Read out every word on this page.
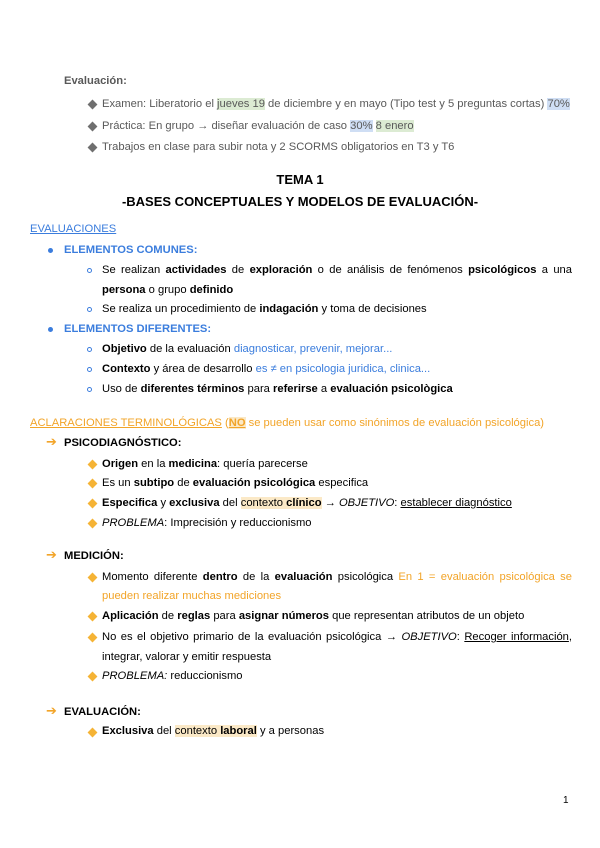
Evaluación:
Examen: Liberatorio el jueves 19 de diciembre y en mayo (Tipo test y 5 preguntas cortas) 70%
Práctica: En grupo → diseñar evaluación de caso 30% 8 enero
Trabajos en clase para subir nota y 2 SCORMS obligatorios en T3 y T6
TEMA 1
-BASES CONCEPTUALES Y MODELOS DE EVALUACIÓN-
EVALUACIONES
ELEMENTOS COMUNES:
Se realizan actividades de exploración o de análisis de fenómenos psicológicos a una
persona o grupo definido
Se realiza un procedimiento de indagación y toma de decisiones
ELEMENTOS DIFERENTES:
Objetivo de la evaluación diagnosticar, prevenir, mejorar...
Contexto y área de desarrollo es ≠ en psicologia juridica, clinica...
Uso de diferentes términos para referirse a evaluación psicològica
ACLARACIONES TERMINOLÓGICAS (NO se pueden usar como sinónimos de evaluación psicológica)
➔ PSICODIAGNÓSTICO:
Origen en la medicina: quería parecerse
Es un subtipo de evaluación psicológica especifica
Especifica y exclusiva del contexto clínico → OBJETIVO: establecer diagnóstico
PROBLEMA: Imprecisión y reduccionismo
➔ MEDICIÓN:
Momento diferente dentro de la evaluación psicológica En 1 = evaluación psicológica se
pueden realizar muchas mediciones
Aplicación de reglas para asignar números que representan atributos de un objeto
No es el objetivo primario de la evaluación psicológica → OBJETIVO: Recoger información,
integrar, valorar y emitir respuesta
PROBLEMA: reduccionismo
➔ EVALUACIÓN:
Exclusiva del contexto laboral y a personas
1
